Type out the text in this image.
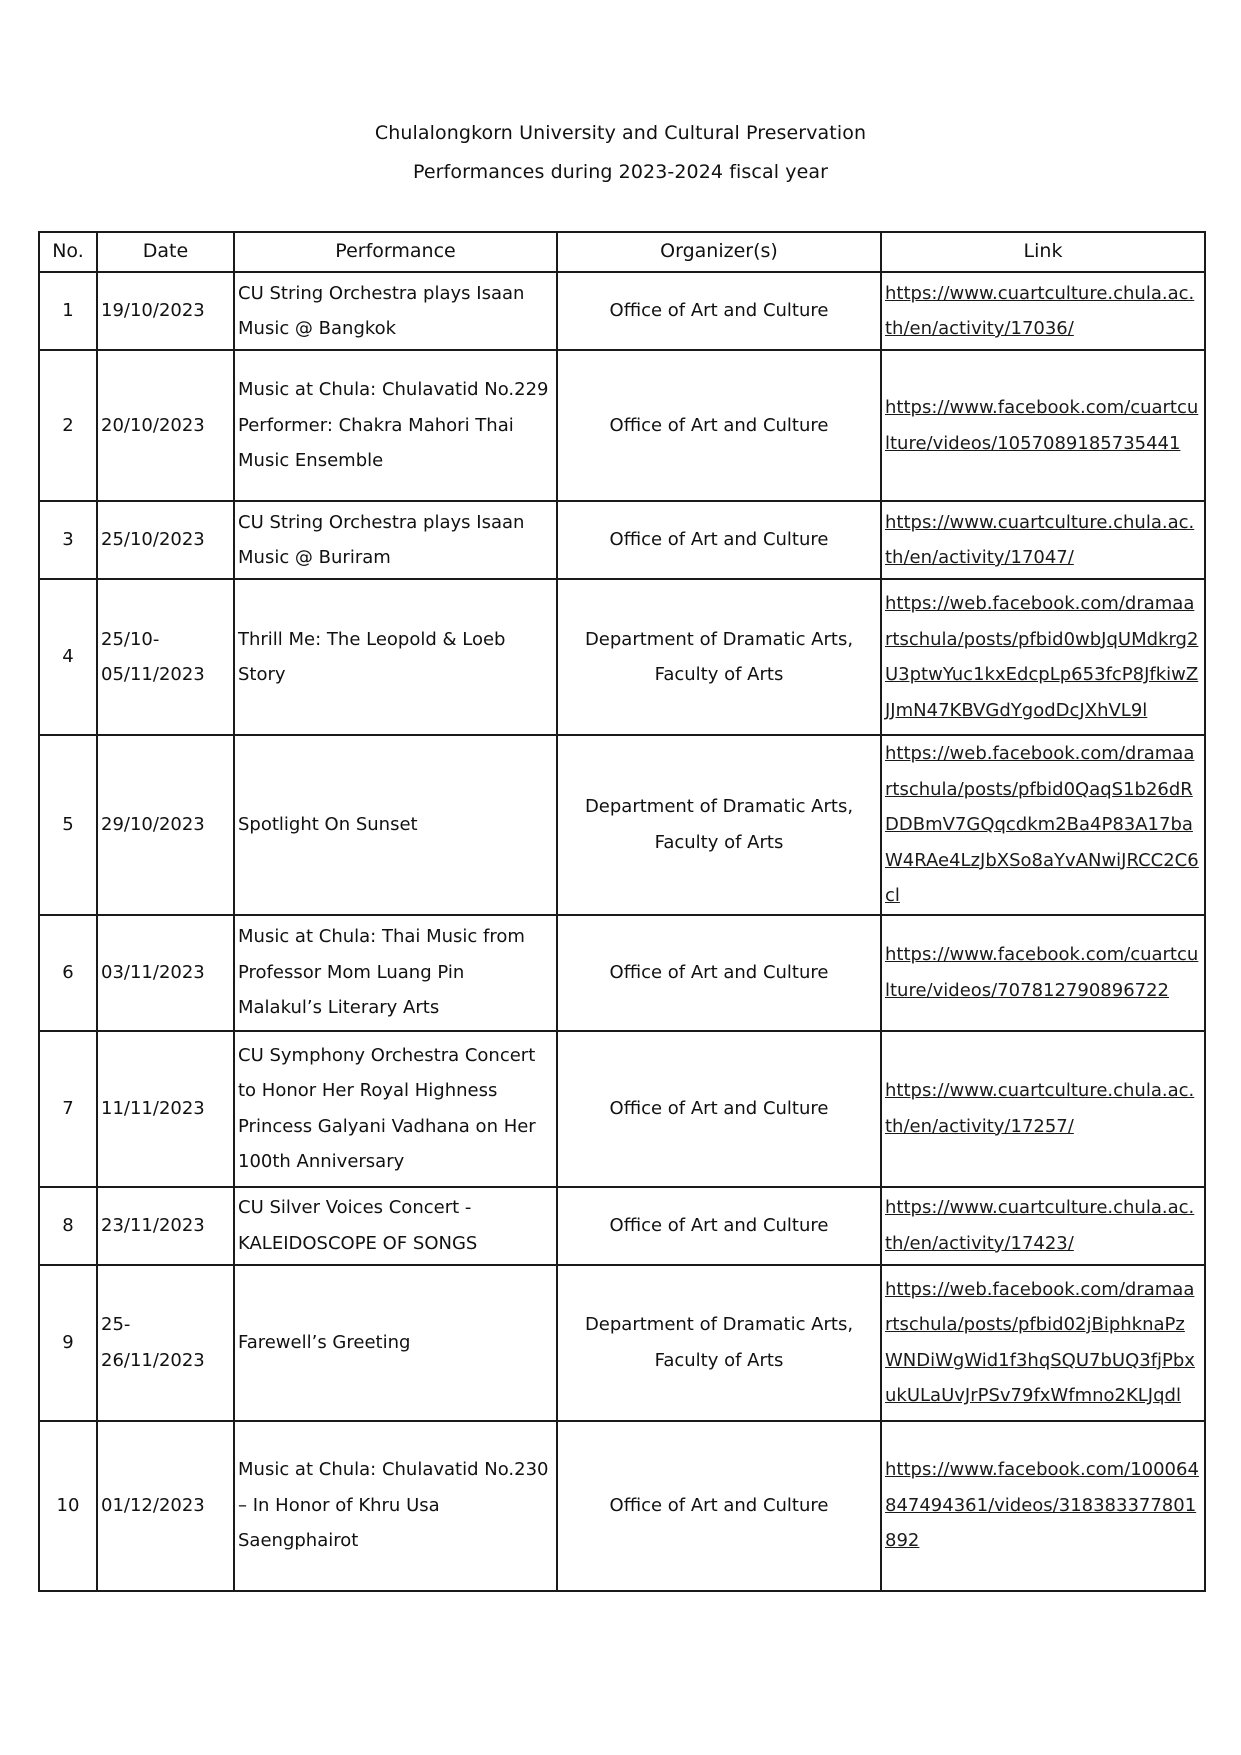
Chulalongkorn University and Cultural Preservation
Performances during 2023-2024 fiscal year
No.	Date	Performance	Organizer(s)	Link
1	19/10/2023	CU String Orchestra plays Isaan Music @ Bangkok	Office of Art and Culture	https://www.cuartculture.chula.ac.th/en/activity/17036/
2	20/10/2023	Music at Chula: Chulavatid No.229 Performer: Chakra Mahori Thai Music Ensemble	Office of Art and Culture	https://www.facebook.com/cuartculture/videos/1057089185735441
3	25/10/2023	CU String Orchestra plays Isaan Music @ Buriram	Office of Art and Culture	https://www.cuartculture.chula.ac.th/en/activity/17047/
4	25/10-05/11/2023	Thrill Me: The Leopold & Loeb Story	Department of Dramatic Arts, Faculty of Arts	https://web.facebook.com/dramaartschula/posts/pfbid0wbJqUMdkrg2U3ptwYuc1kxEdcpLp653fcP8JfkiwZJJmN47KBVGdYgodDcJXhVL9l
5	29/10/2023	Spotlight On Sunset	Department of Dramatic Arts, Faculty of Arts	https://web.facebook.com/dramaartschula/posts/pfbid0QaqS1b26dRDDBmV7GQqcdkm2Ba4P83A17baW4RAe4LzJbXSo8aYvANwiJRCC2C6cl
6	03/11/2023	Music at Chula: Thai Music from Professor Mom Luang Pin Malakul’s Literary Arts	Office of Art and Culture	https://www.facebook.com/cuartculture/videos/707812790896722
7	11/11/2023	CU Symphony Orchestra Concert to Honor Her Royal Highness Princess Galyani Vadhana on Her 100th Anniversary	Office of Art and Culture	https://www.cuartculture.chula.ac.th/en/activity/17257/
8	23/11/2023	CU Silver Voices Concert - KALEIDOSCOPE OF SONGS	Office of Art and Culture	https://www.cuartculture.chula.ac.th/en/activity/17423/
9	25-26/11/2023	Farewell’s Greeting	Department of Dramatic Arts, Faculty of Arts	https://web.facebook.com/dramaartschula/posts/pfbid02jBiphknaPzWNDiWgWid1f3hqSQU7bUQ3fjPbxukULaUvJrPSv79fxWfmno2KLJqdl
10	01/12/2023	Music at Chula: Chulavatid No.230 – In Honor of Khru Usa Saengphairot	Office of Art and Culture	https://www.facebook.com/100064847494361/videos/318383377801892
